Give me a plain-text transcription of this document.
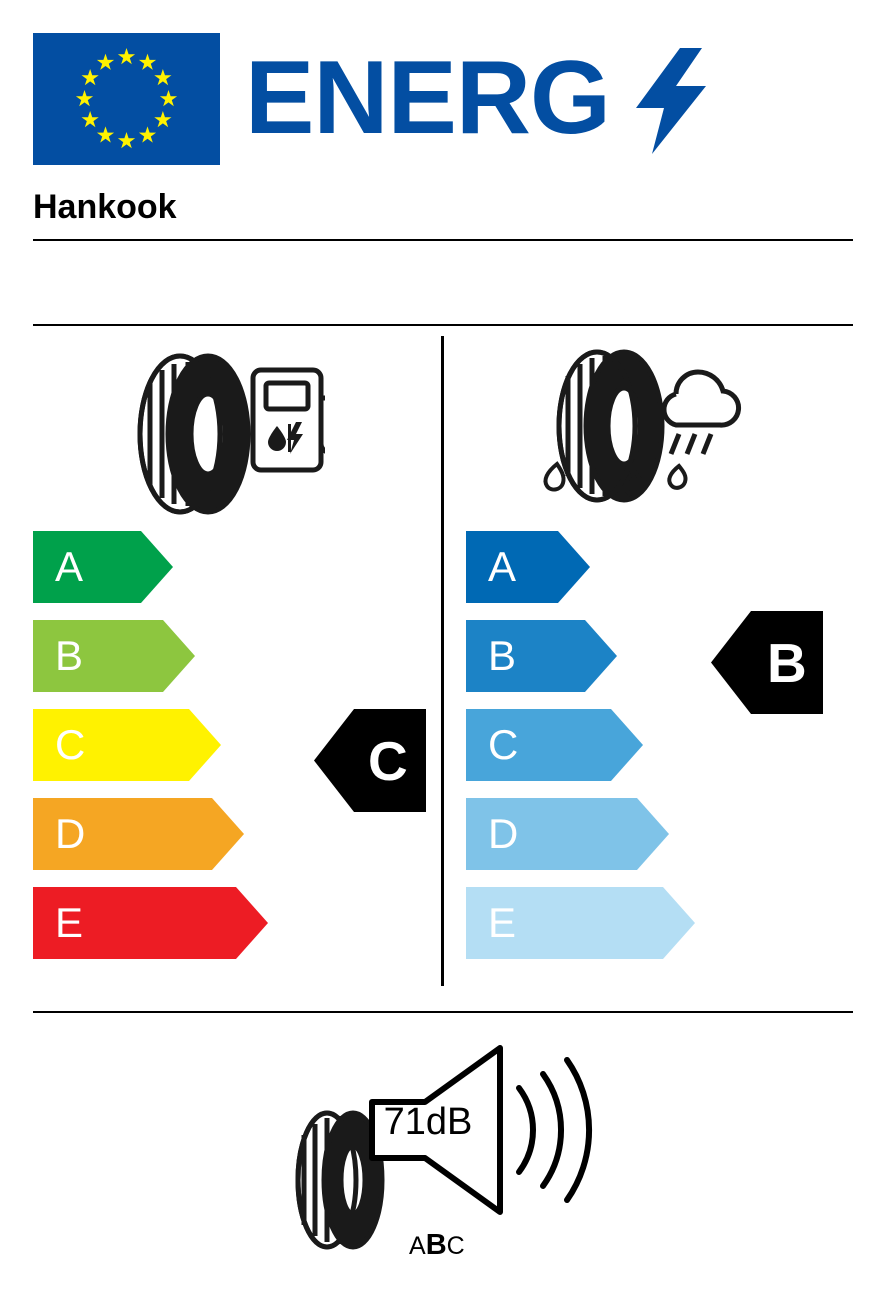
ENERG
Hankook
A
B
C
D
E
C
A
B
C
D
E
B
71dB
ABC
